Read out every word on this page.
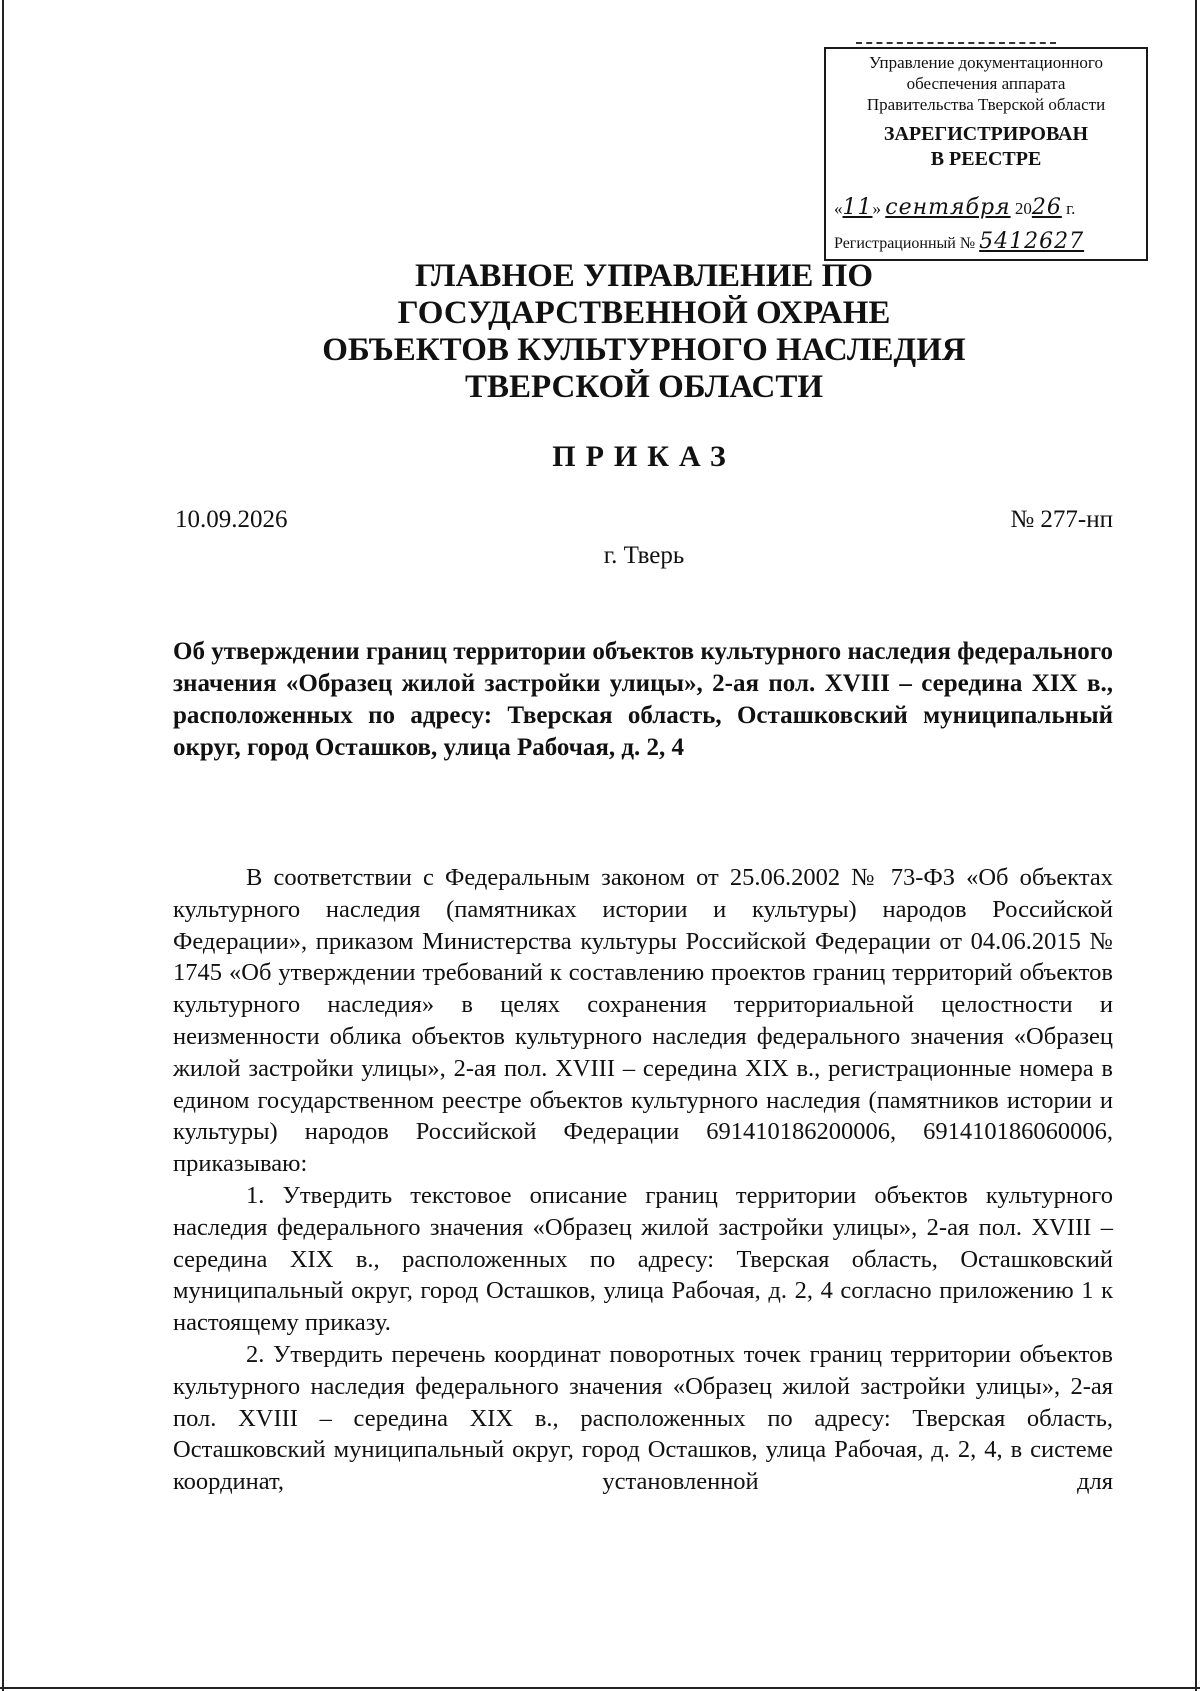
Управление документационного
обеспечения аппарата
Правительства Тверской области
ЗАРЕГИСТРИРОВАН
В РЕЕСТРЕ
«11» сентября 2026 г.
Регистрационный № 5412627
ГЛАВНОЕ УПРАВЛЕНИЕ ПО
ГОСУДАРСТВЕННОЙ ОХРАНЕ
ОБЪЕКТОВ КУЛЬТУРНОГО НАСЛЕДИЯ
ТВЕРСКОЙ ОБЛАСТИ
ПРИКАЗ
10.09.2026	№ 277-нп
г. Тверь
Об утверждении границ территории объектов культурного наследия федерального значения «Образец жилой застройки улицы», 2-ая пол. XVIII – середина XIX в., расположенных по адресу: Тверская область, Осташковский муниципальный округ, город Осташков, улица Рабочая, д. 2, 4

В соответствии с Федеральным законом от 25.06.2002 № 73-ФЗ «Об объектах культурного наследия (памятниках истории и культуры) народов Российской Федерации», приказом Министерства культуры Российской Федерации от 04.06.2015 № 1745 «Об утверждении требований к составлению проектов границ территорий объектов культурного наследия» в целях сохранения территориальной целостности и неизменности облика объектов культурного наследия федерального значения «Образец жилой застройки улицы», 2-ая пол. XVIII – середина XIX в., регистрационные номера в едином государственном реестре объектов культурного наследия (памятников истории и культуры) народов Российской Федерации 691410186200006, 691410186060006, приказываю:

1. Утвердить текстовое описание границ территории объектов культурного наследия федерального значения «Образец жилой застройки улицы», 2-ая пол. XVIII – середина XIX в., расположенных по адресу: Тверская область, Осташковский муниципальный округ, город Осташков, улица Рабочая, д. 2, 4 согласно приложению 1 к настоящему приказу.

2. Утвердить перечень координат поворотных точек границ территории объектов культурного наследия федерального значения «Образец жилой застройки улицы», 2-ая пол. XVIII – середина XIX в., расположенных по адресу: Тверская область, Осташковский муниципальный округ, город Осташков, улица Рабочая, д. 2, 4, в системе координат, установленной для
